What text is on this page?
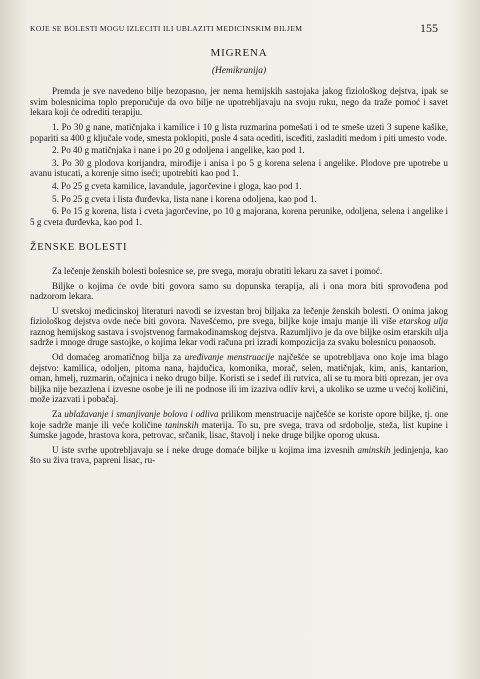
KOJE SE BOLESTI MOGU IZLECITI ILI UBLAZITI MEDICINSKIM BILJEM	155
MIGRENA
(Hemikranija)

Premda je sve navedeno bilje bezopasno, jer nema hemijskih sastojaka jakog fiziološkog dejstva, ipak se svim bolesnicima toplo preporučuje da ovo bilje ne upotrebljavaju na svoju ruku, nego da traže pomoć i savet lekara koji će odrediti terapiju.

1. Po 30 g nane, matičnjaka i kamilice i 10 g lista ruzmarina pomešati i od te smeše uzeti 3 supene kašike, popariti sa 400 g ključale vode, smesta poklopiti, posle 4 sata ocediti, isceđiti, zasladiti medom i piti umesto vode.
2. Po 40 g matičnjaka i nane i po 20 g odoljena i angelike, kao pod 1.
3. Po 30 g plodova korijandra, mirođije i anisa i po 5 g korena selena i angelike. Plodove pre upotrebe u avanu istucati, a korenje sitno iseći; upotrebiti kao pod 1.
4. Po 25 g cveta kamilice, lavandule, jagorčevine i gloga, kao pod 1.
5. Po 25 g cveta i lista đurđevka, lista nane i korena odoljena, kao pod 1.
6. Po 15 g korena, lista i cveta jagorčevine, po 10 g majorana, korena perunike, odoljena, selena i angelike i 5 g cveta đurđevka, kao pod 1.
ŽENSKE BOLESTI

Za lečenje ženskih bolesti bolesnice se, pre svega, moraju obratiti lekaru za savet i pomoć.

Biljke o kojima će ovde biti govora samo su dopunska terapija, ali i ona mora biti sprovođena pod nadzorom lekara.

U svetskoj medicinskoj literaturi navodi se izvestan broj biljaka za lečenje ženskih bolesti. O onima jakog fiziološkog dejstva ovde neće biti govora. Navešćemo, pre svega, biljke koje imaju manje ili više etarskog ulja raznog hemijskog sastava i svojstvenog farmakodinamskog dejstva. Razumljivo je da ove biljke osim etarskih ulja sadrže i mnoge druge sastojke, o kojima lekar vodi računa pri izradi kompozicija za svaku bolesnicu ponaosob.

Od domaćeg aromatičnog bilja za uređivanje menstruacije najčešće se upotrebljava ono koje ima blago dejstvo: kamilica, odoljen, pitoma nana, hajdučica, komonika, morač, selen, matičnjak, kim, anis, kantarion, oman, hmelj, ruzmarin, očajnica i neko drugo bilje. Koristi se i sedef ili rutvica, ali se tu mora biti oprezan, jer ova biljka nije bezazlena i izvesne osobe je ili ne podnose ili im izaziva odliv krvi, a ukoliko se uzme u većoj količini, može izazvati i pobačaj.

Za ublažavanje i smanjivanje bolova i odliva prilikom menstruacije najčešće se koriste opore biljke, tj. one koje sadrže manje ili veće količine taninskih materija. To su, pre svega, trava od srdobolje, steža, list kupine i šumske jagode, hrastova kora, petrovac, srčanik, lisac, štavolj i neke druge biljke oporog ukusa.

U iste svrhe upotrebljavaju se i neke druge domaće biljke u kojima ima izvesnih aminskih jedinjenja, kao što su živa trava, papreni lisac, ru-
